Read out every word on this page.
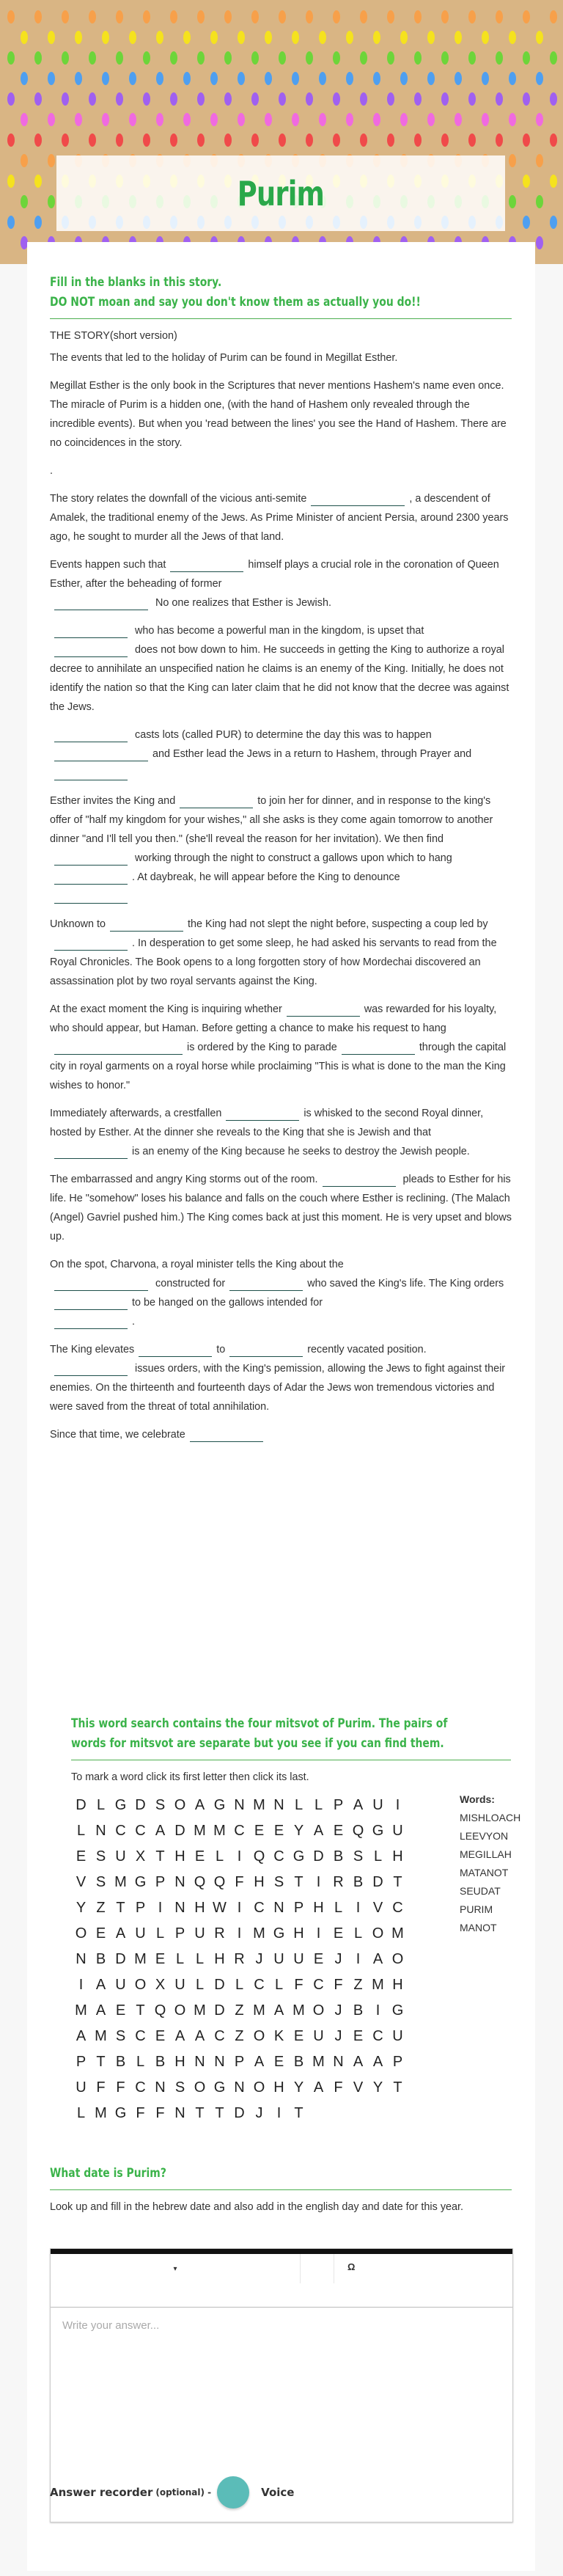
Purim
Fill in the blanks in this story.
DO NOT moan and say you don't know them as actually you do!!

THE STORY(short version)

The events that led to the holiday of Purim can be found in Megillat Esther.

Megillat Esther is the only book in the Scriptures that never mentions Hashem's name even once. The miracle of Purim is a hidden one, (with the hand of Hashem only revealed through the incredible events). But when you 'read between the lines' you see the Hand of Hashem. There are no coincidences in the story.

.

The story relates the downfall of the vicious anti-semite	, a descendent of Amalek, the traditional enemy of the Jews. As Prime Minister of ancient Persia, around 2300 years ago, he sought to murder all the Jews of that land.

Events happen such that	himself plays a crucial role in the coronation of Queen Esther, after the beheading of former
No one realizes that Esther is Jewish.

who has become a powerful man in the kingdom, is upset that
does not bow down to him. He succeeds in getting the King to authorize a royal decree to annihilate an unspecified nation he claims is an enemy of the King. Initially, he does not identify the nation so that the King can later claim that he did not know that the decree was against the Jews.

casts lots (called PUR) to determine the day this was to happenand Esther lead the Jews in a return to Hashem, through Prayer and

Esther invites the King and	to join her for dinner, and in response to the king's offer of "half my kingdom for your wishes," all she asks is they come again tomorrow to another dinner "and I'll tell you then." (she'll reveal the reason for her invitation). We then find working through the night to construct a gallows upon which to hang
. At daybreak, he will appear before the King to denounce

Unknown to	the King had not slept the night before, suspecting a coup led by. In desperation to get some sleep, he had asked his servants to read from the Royal Chronicles. The Book opens to a long forgotten story of how Mordechai discovered an assassination plot by two royal servants against the King.

At the exact moment the King is inquiring whether	was rewarded for his loyalty, who should appear, but Haman. Before getting a chance to make his request to hangis ordered by the King to parade	through the capital city in royal garments on a royal horse while proclaiming "This is what is done to the man the King wishes to honor."

Immediately afterwards, a crestfallen	is whisked to the second Royal dinner, hosted by Esther. At the dinner she reveals to the King that she is Jewish and thatis an enemy of the King because he seeks to destroy the Jewish people.

The embarrassed and angry King storms out of the room.	pleads to Esther for his life. He "somehow" loses his balance and falls on the couch where Esther is reclining. (The Malach (Angel) Gavriel pushed him.) The King comes back at just this moment. He is very upset and blows up.

On the spot, Charvona, a royal minister tells the King about the
constructed for	who saved the King's life. The King ordersto be hanged on the gallows intended for
.

The King elevates	to	recently vacated position.
issues orders, with the King's pemission, allowing the Jews to fight against their enemies. On the thirteenth and fourteenth days of Adar the Jews won tremendous victories and were saved from the threat of total annihilation.

Since that time, we celebrate

This word search contains the four mitsvot of Purim. The pairs of
words for mitsvot are separate but you see if you can find them.

To mark a word click its first letter then click its last.

D L G D S O A G N M N L L P A U I
L N C C A D M M C E E Y A E Q G U
E S U X T H E L I Q C G D B S L H
V S M G P N Q Q F H S T I R B D T
Y Z T P I N H W I C N P H L I V C
O E A U L P U R I M G H I E L O M
N B D M E L L H R J U U E J I A O
I A U O X U L D L C L F C F Z M H
M A E T Q O M D Z M A M O J B I G
A M S C E A A C Z O K E U J E C U
P T B L B H N N P A E B M N A A P
U F F C N S O G N O H Y A F V Y T
L M G F F N T T D J I T
Words:
MISHLOACH
LEEVYON
MEGILLAH
MATANOT
SEUDAT
PURIM
MANOT
What date is Purim?

Look up and fill in the hebrew date and also add in the english day and date for this year.

▾	Ω
Write your answer...
Answer recorder (optional) -	Voice
